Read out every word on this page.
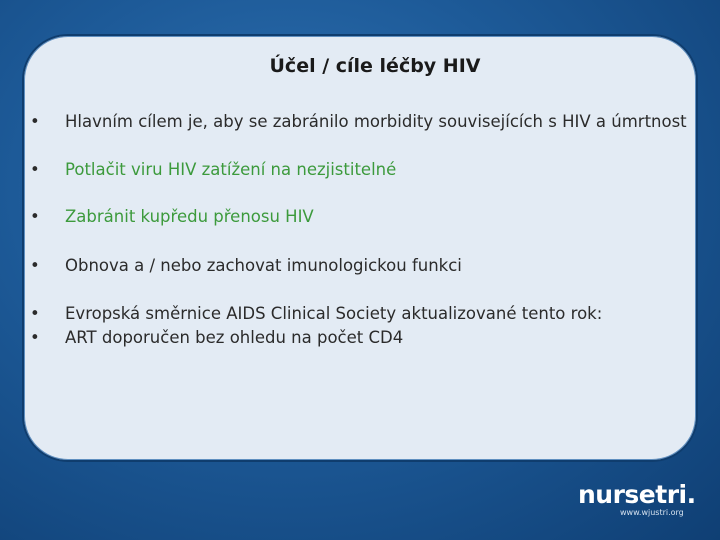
Účel / cíle léčby HIV
• Hlavním cílem je, aby se zabránilo morbidity souvisejících s HIV a úmrtnost
• Potlačit viru HIV zatížení na nezjistitelné
• Zabránit kupředu přenosu HIV
• Obnova a / nebo zachovat imunologickou funkci
• Evropská směrnice AIDS Clinical Society aktualizované tento rok:
• ART doporučen bez ohledu na počet CD4
nursetri.
www.wjustri.org
